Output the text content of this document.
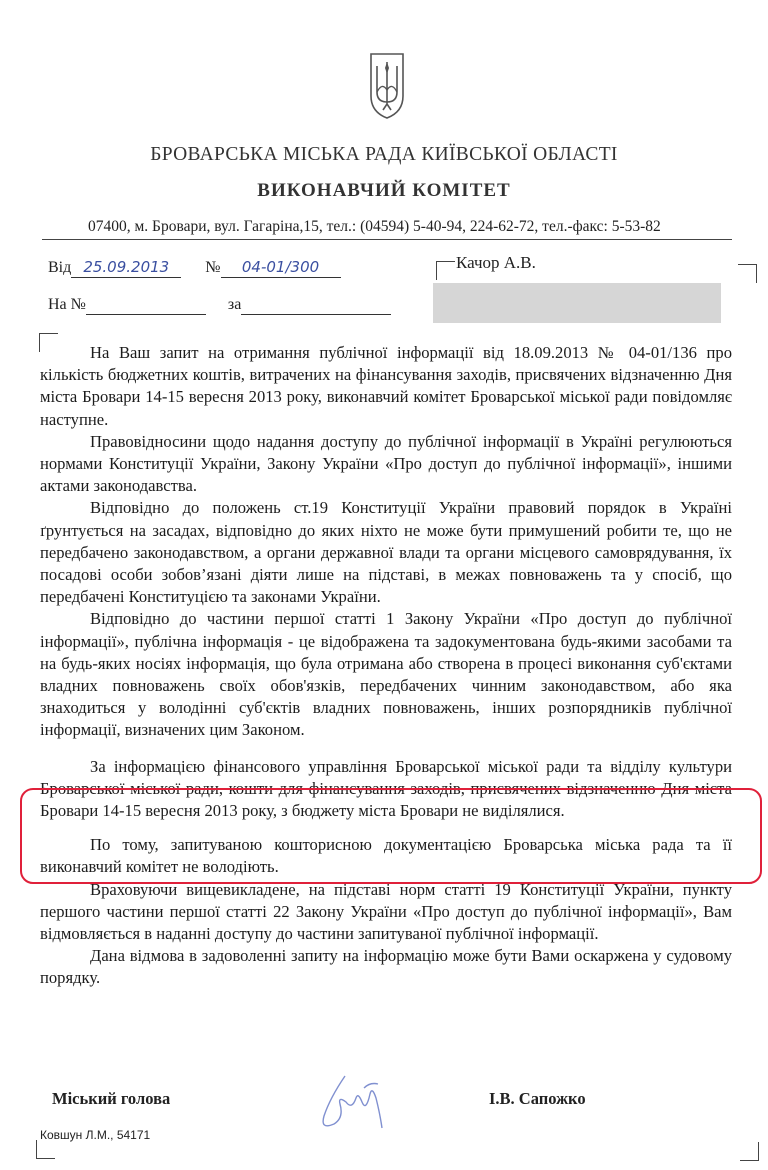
БРОВАРСЬКА МІСЬКА РАДА КИЇВСЬКОЇ ОБЛАСТІ
ВИКОНАВЧИЙ КОМІТЕТ
07400, м. Бровари, вул. Гагаріна,15, тел.: (04594) 5-40-94, 224-62-72, тел.-факс: 5-53-82
Від 25.09.2013 № 04-01/300
На №	за
Качор А.В.

На Ваш запит на отримання публічної інформації від 18.09.2013 № 04-01/136 про кількість бюджетних коштів, витрачених на фінансування заходів, присвячених відзначенню Дня міста Бровари 14-15 вересня 2013 року, виконавчий комітет Броварської міської ради повідомляє наступне.

Правовідносини щодо надання доступу до публічної інформації в Україні регулюються нормами Конституції України, Закону України «Про доступ до публічної інформації», іншими актами законодавства.

Відповідно до положень ст.19 Конституції України правовий порядок в Україні ґрунтується на засадах, відповідно до яких ніхто не може бути примушений робити те, що не передбачено законодавством, а органи державної влади та органи місцевого самоврядування, їх посадові особи зобов’язані діяти лише на підставі, в межах повноважень та у спосіб, що передбачені Конституцією та законами України.

Відповідно до частини першої статті 1 Закону України «Про доступ до публічної інформації», публічна інформація - це відображена та задокументована будь-якими засобами та на будь-яких носіях інформація, що була отримана або створена в процесі виконання суб'єктами владних повноважень своїх обов'язків, передбачених чинним законодавством, або яка знаходиться у володінні суб'єктів владних повноважень, інших розпорядників публічної інформації, визначених цим Законом.

За інформацією фінансового управління Броварської міської ради та відділу культури Броварської міської ради, кошти для фінансування заходів, присвячених відзначенню Дня міста Бровари 14-15 вересня 2013 року, з бюджету міста Бровари не виділялися.

По тому, запитуваною кошторисною документацією Броварська міська рада та її виконавчий комітет не володіють.

Враховуючи вищевикладене, на підставі норм статті 19 Конституції України, пункту першого частини першої статті 22 Закону України «Про доступ до публічної інформації», Вам відмовляється в наданні доступу до частини запитуваної публічної інформації.

Дана відмова в задоволенні запиту на інформацію може бути Вами оскаржена у судовому порядку.

Міський голова	І.В. Сапожко
Ковшун Л.М., 54171
